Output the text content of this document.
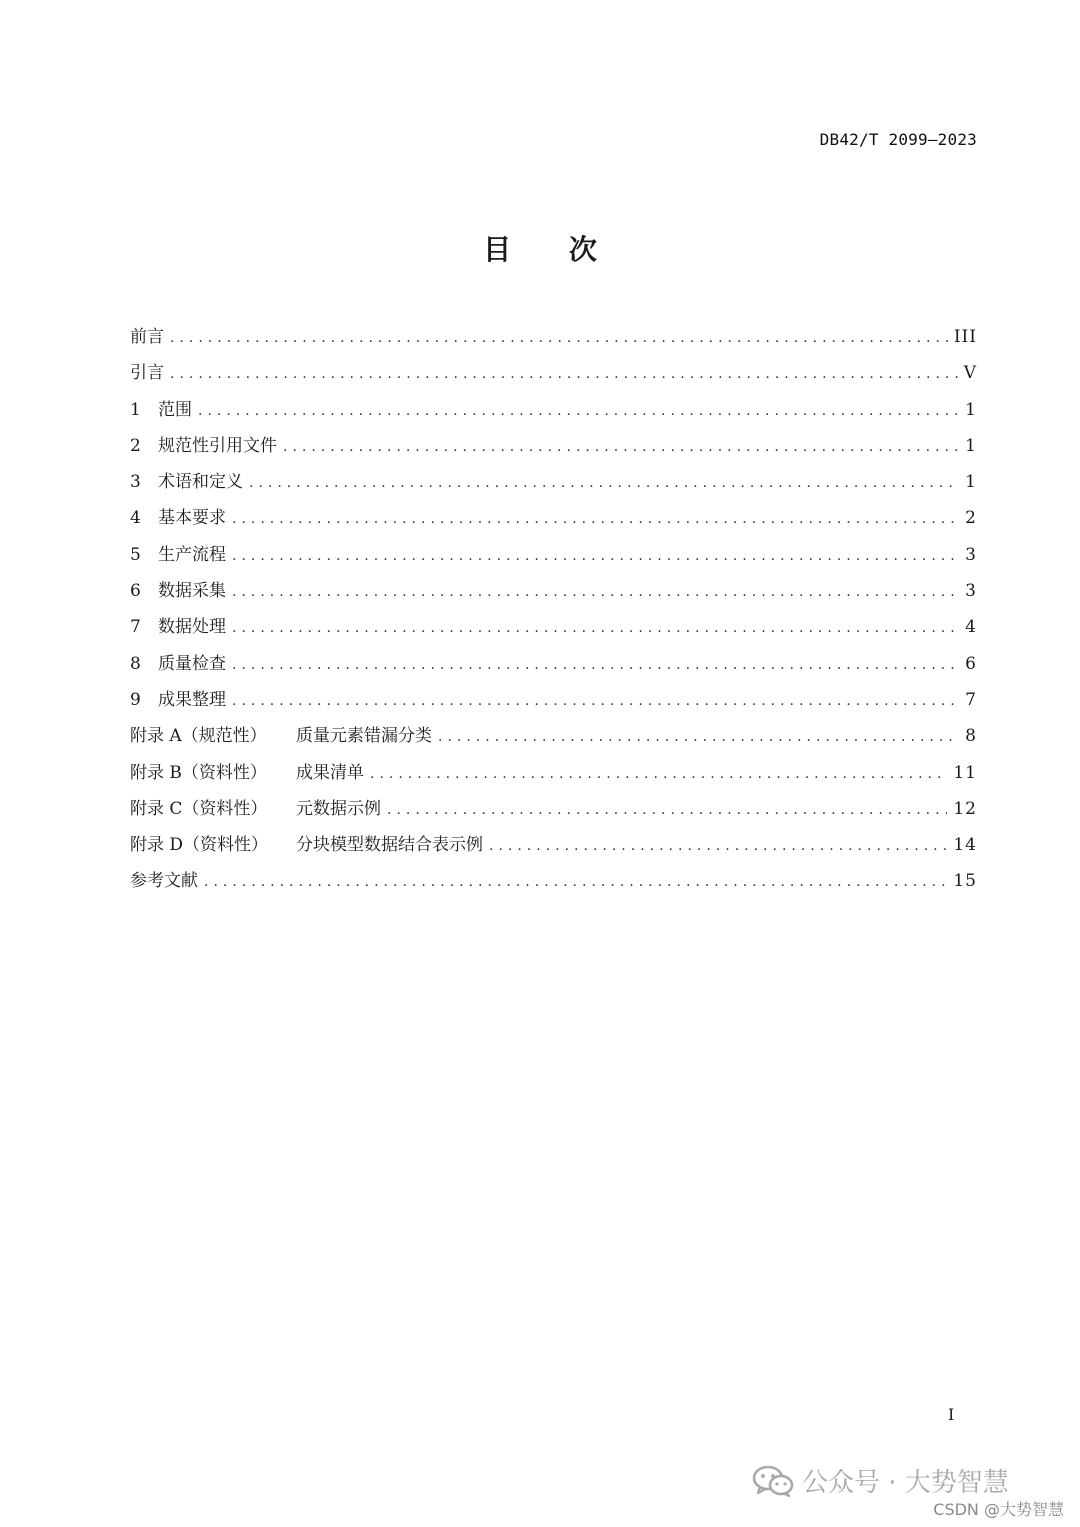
DB42/T 2099—2023
目 次
前言 .....	III
引言 .....	V
1	范围 .....	1
2	规范性引用文件 .....	1
3	术语和定义 .....	1
4	基本要求 .....	2
5	生产流程 .....	3
6	数据采集 .....	3
7	数据处理 .....	4
8	质量检查 .....	6
9	成果整理 .....	7
附录 A（规范性）	质量元素错漏分类 .....	8
附录 B（资料性）	成果清单 .....	11
附录 C（资料性）	元数据示例 .....	12
附录 D（资料性）	分块模型数据结合表示例 .....	14
参考文献 .....	15
I
公众号 · 大势智慧
CSDN @大势智慧
